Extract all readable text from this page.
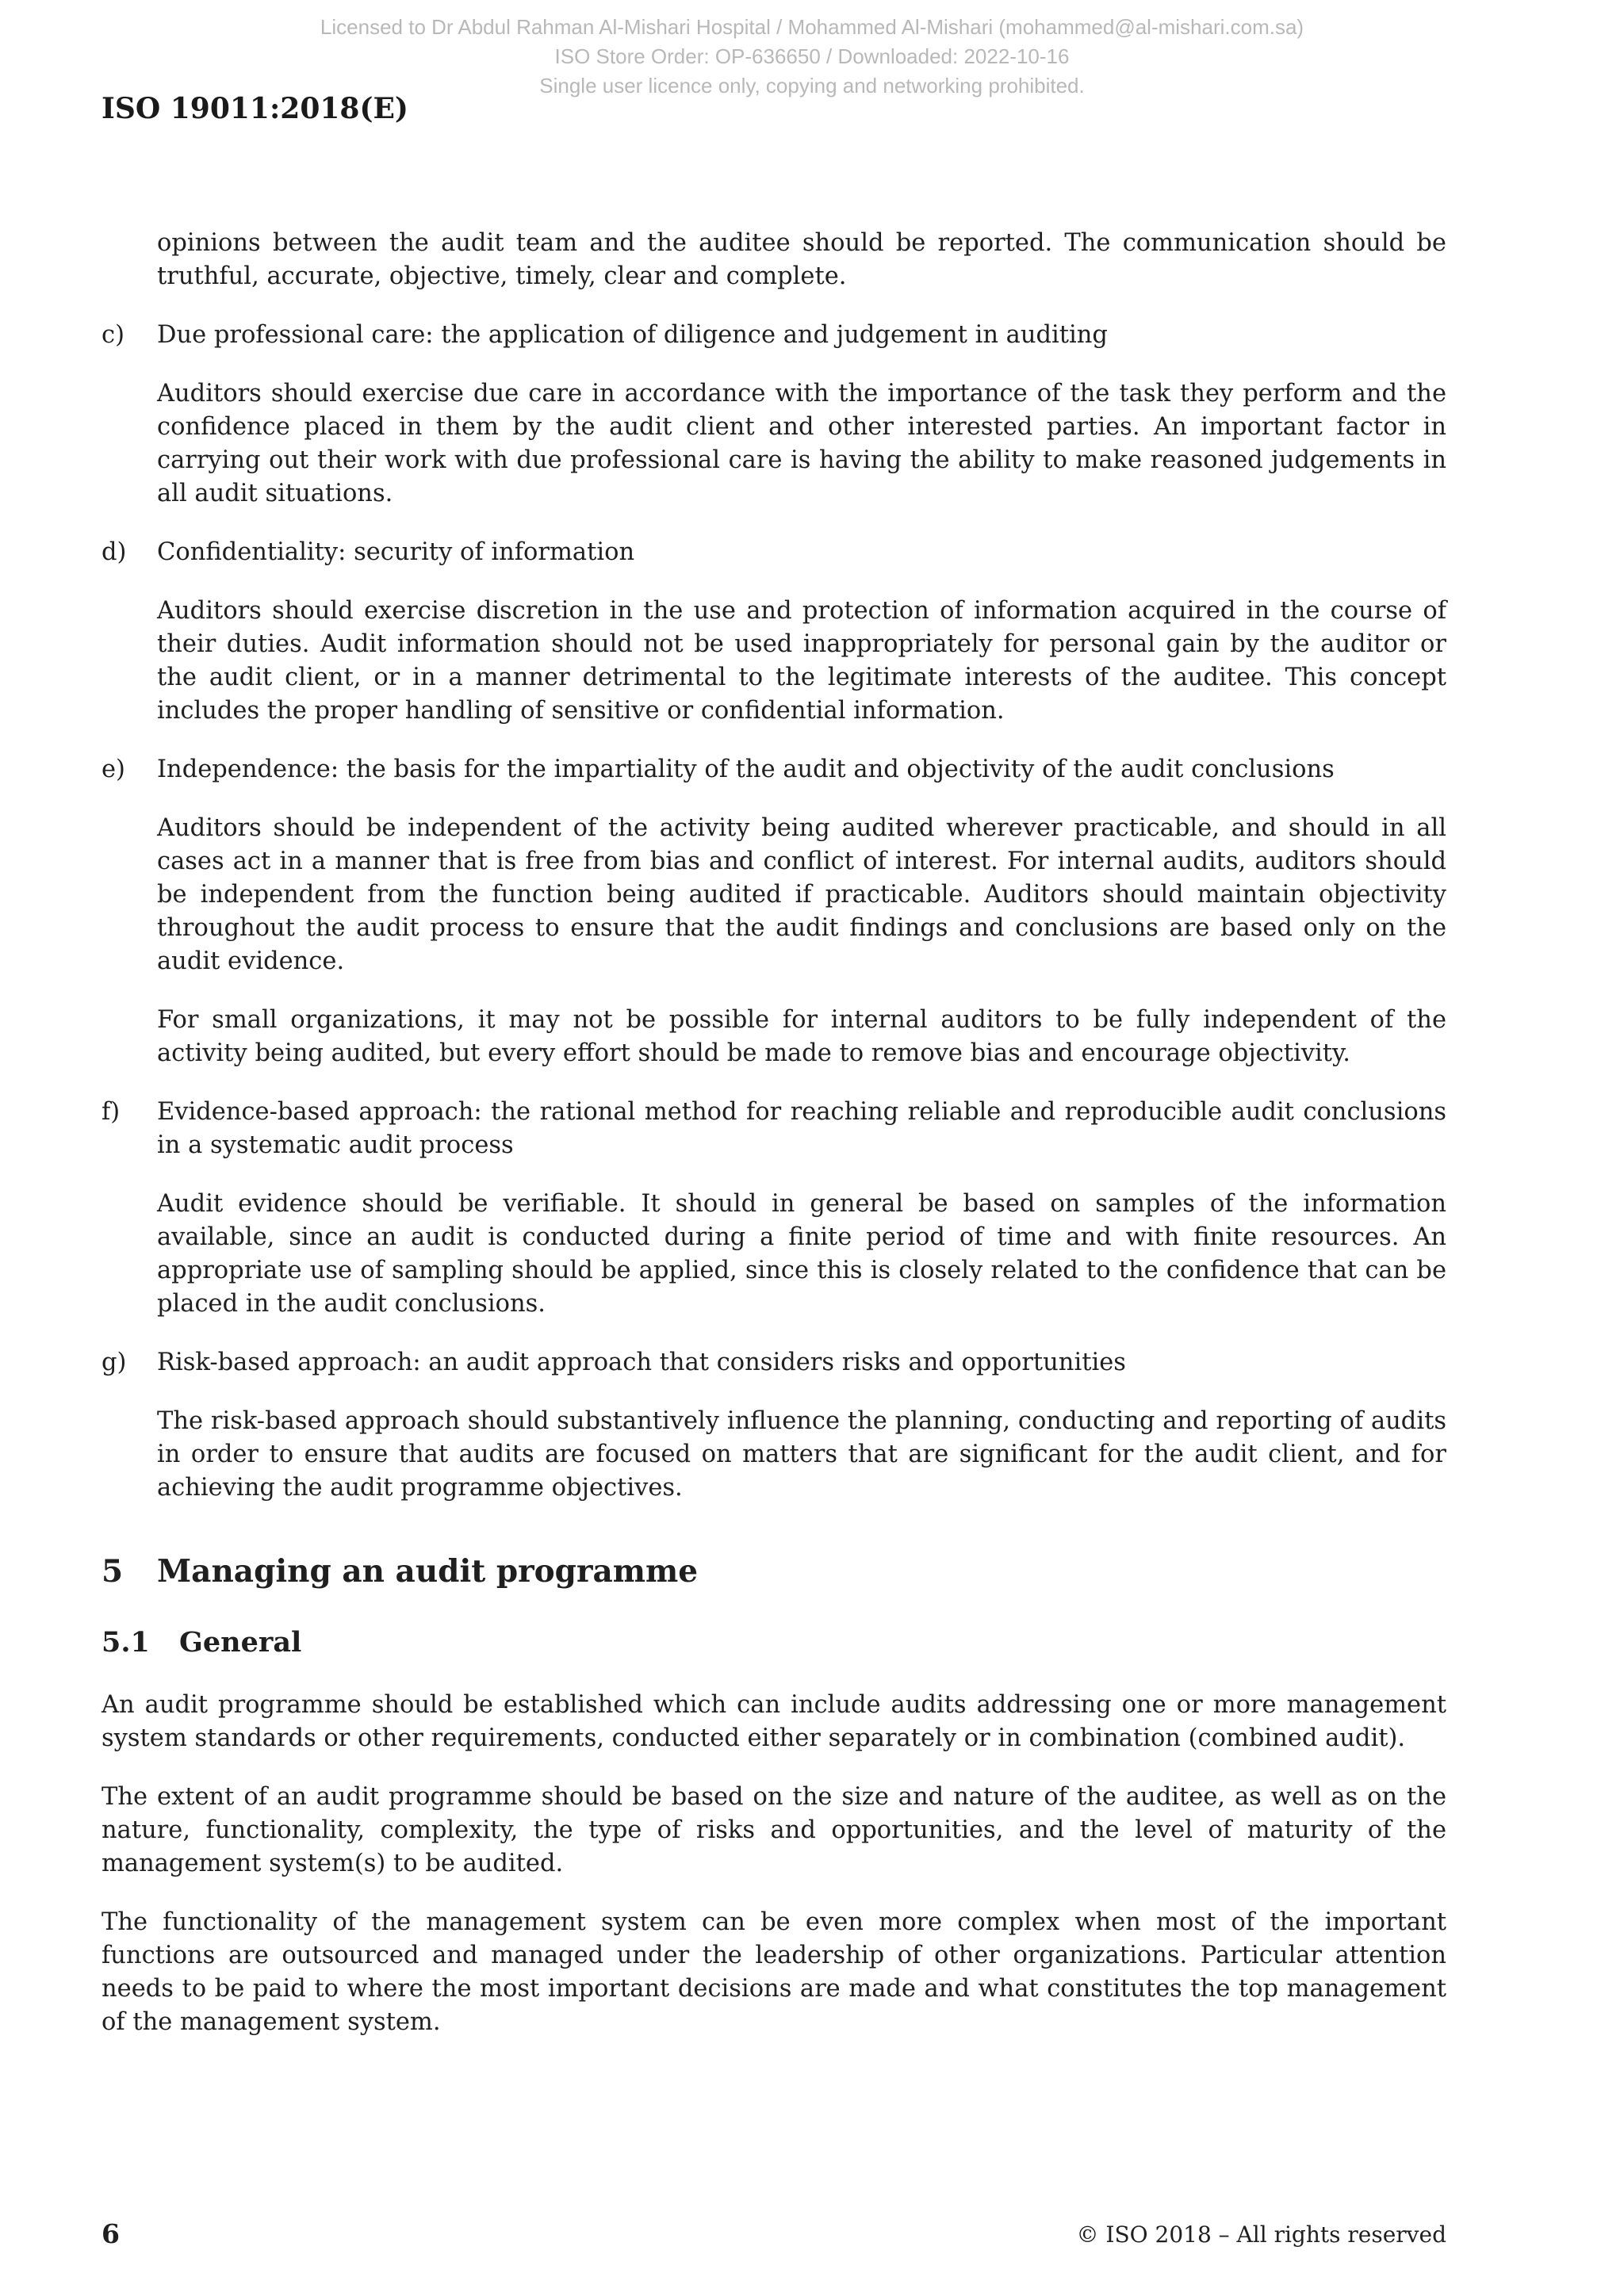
Licensed to Dr Abdul Rahman Al-Mishari Hospital / Mohammed Al-Mishari (mohammed@al-mishari.com.sa)
ISO Store Order: OP-636650 / Downloaded: 2022-10-16
Single user licence only, copying and networking prohibited.
ISO 19011:2018(E)

opinions between the audit team and the auditee should be reported. The communication should be truthful, accurate, objective, timely, clear and complete.

c) Due professional care: the application of diligence and judgement in auditing

Auditors should exercise due care in accordance with the importance of the task they perform and the confidence placed in them by the audit client and other interested parties. An important factor in carrying out their work with due professional care is having the ability to make reasoned judgements in all audit situations.

d) Confidentiality: security of information

Auditors should exercise discretion in the use and protection of information acquired in the course of their duties. Audit information should not be used inappropriately for personal gain by the auditor or the audit client, or in a manner detrimental to the legitimate interests of the auditee. This concept includes the proper handling of sensitive or confidential information.

e) Independence: the basis for the impartiality of the audit and objectivity of the audit conclusions

Auditors should be independent of the activity being audited wherever practicable, and should in all cases act in a manner that is free from bias and conflict of interest. For internal audits, auditors should be independent from the function being audited if practicable. Auditors should maintain objectivity throughout the audit process to ensure that the audit findings and conclusions are based only on the audit evidence.

For small organizations, it may not be possible for internal auditors to be fully independent of the activity being audited, but every effort should be made to remove bias and encourage objectivity.

f) Evidence-based approach: the rational method for reaching reliable and reproducible audit conclusions in a systematic audit process

Audit evidence should be verifiable. It should in general be based on samples of the information available, since an audit is conducted during a finite period of time and with finite resources. An appropriate use of sampling should be applied, since this is closely related to the confidence that can be placed in the audit conclusions.

g) Risk-based approach: an audit approach that considers risks and opportunities

The risk-based approach should substantively influence the planning, conducting and reporting of audits in order to ensure that audits are focused on matters that are significant for the audit client, and for achieving the audit programme objectives.

5 Managing an audit programme
5.1 General

An audit programme should be established which can include audits addressing one or more management system standards or other requirements, conducted either separately or in combination (combined audit).

The extent of an audit programme should be based on the size and nature of the auditee, as well as on the nature, functionality, complexity, the type of risks and opportunities, and the level of maturity of the management system(s) to be audited.

The functionality of the management system can be even more complex when most of the important functions are outsourced and managed under the leadership of other organizations. Particular attention needs to be paid to where the most important decisions are made and what constitutes the top management of the management system.

6	© ISO 2018 – All rights reserved
